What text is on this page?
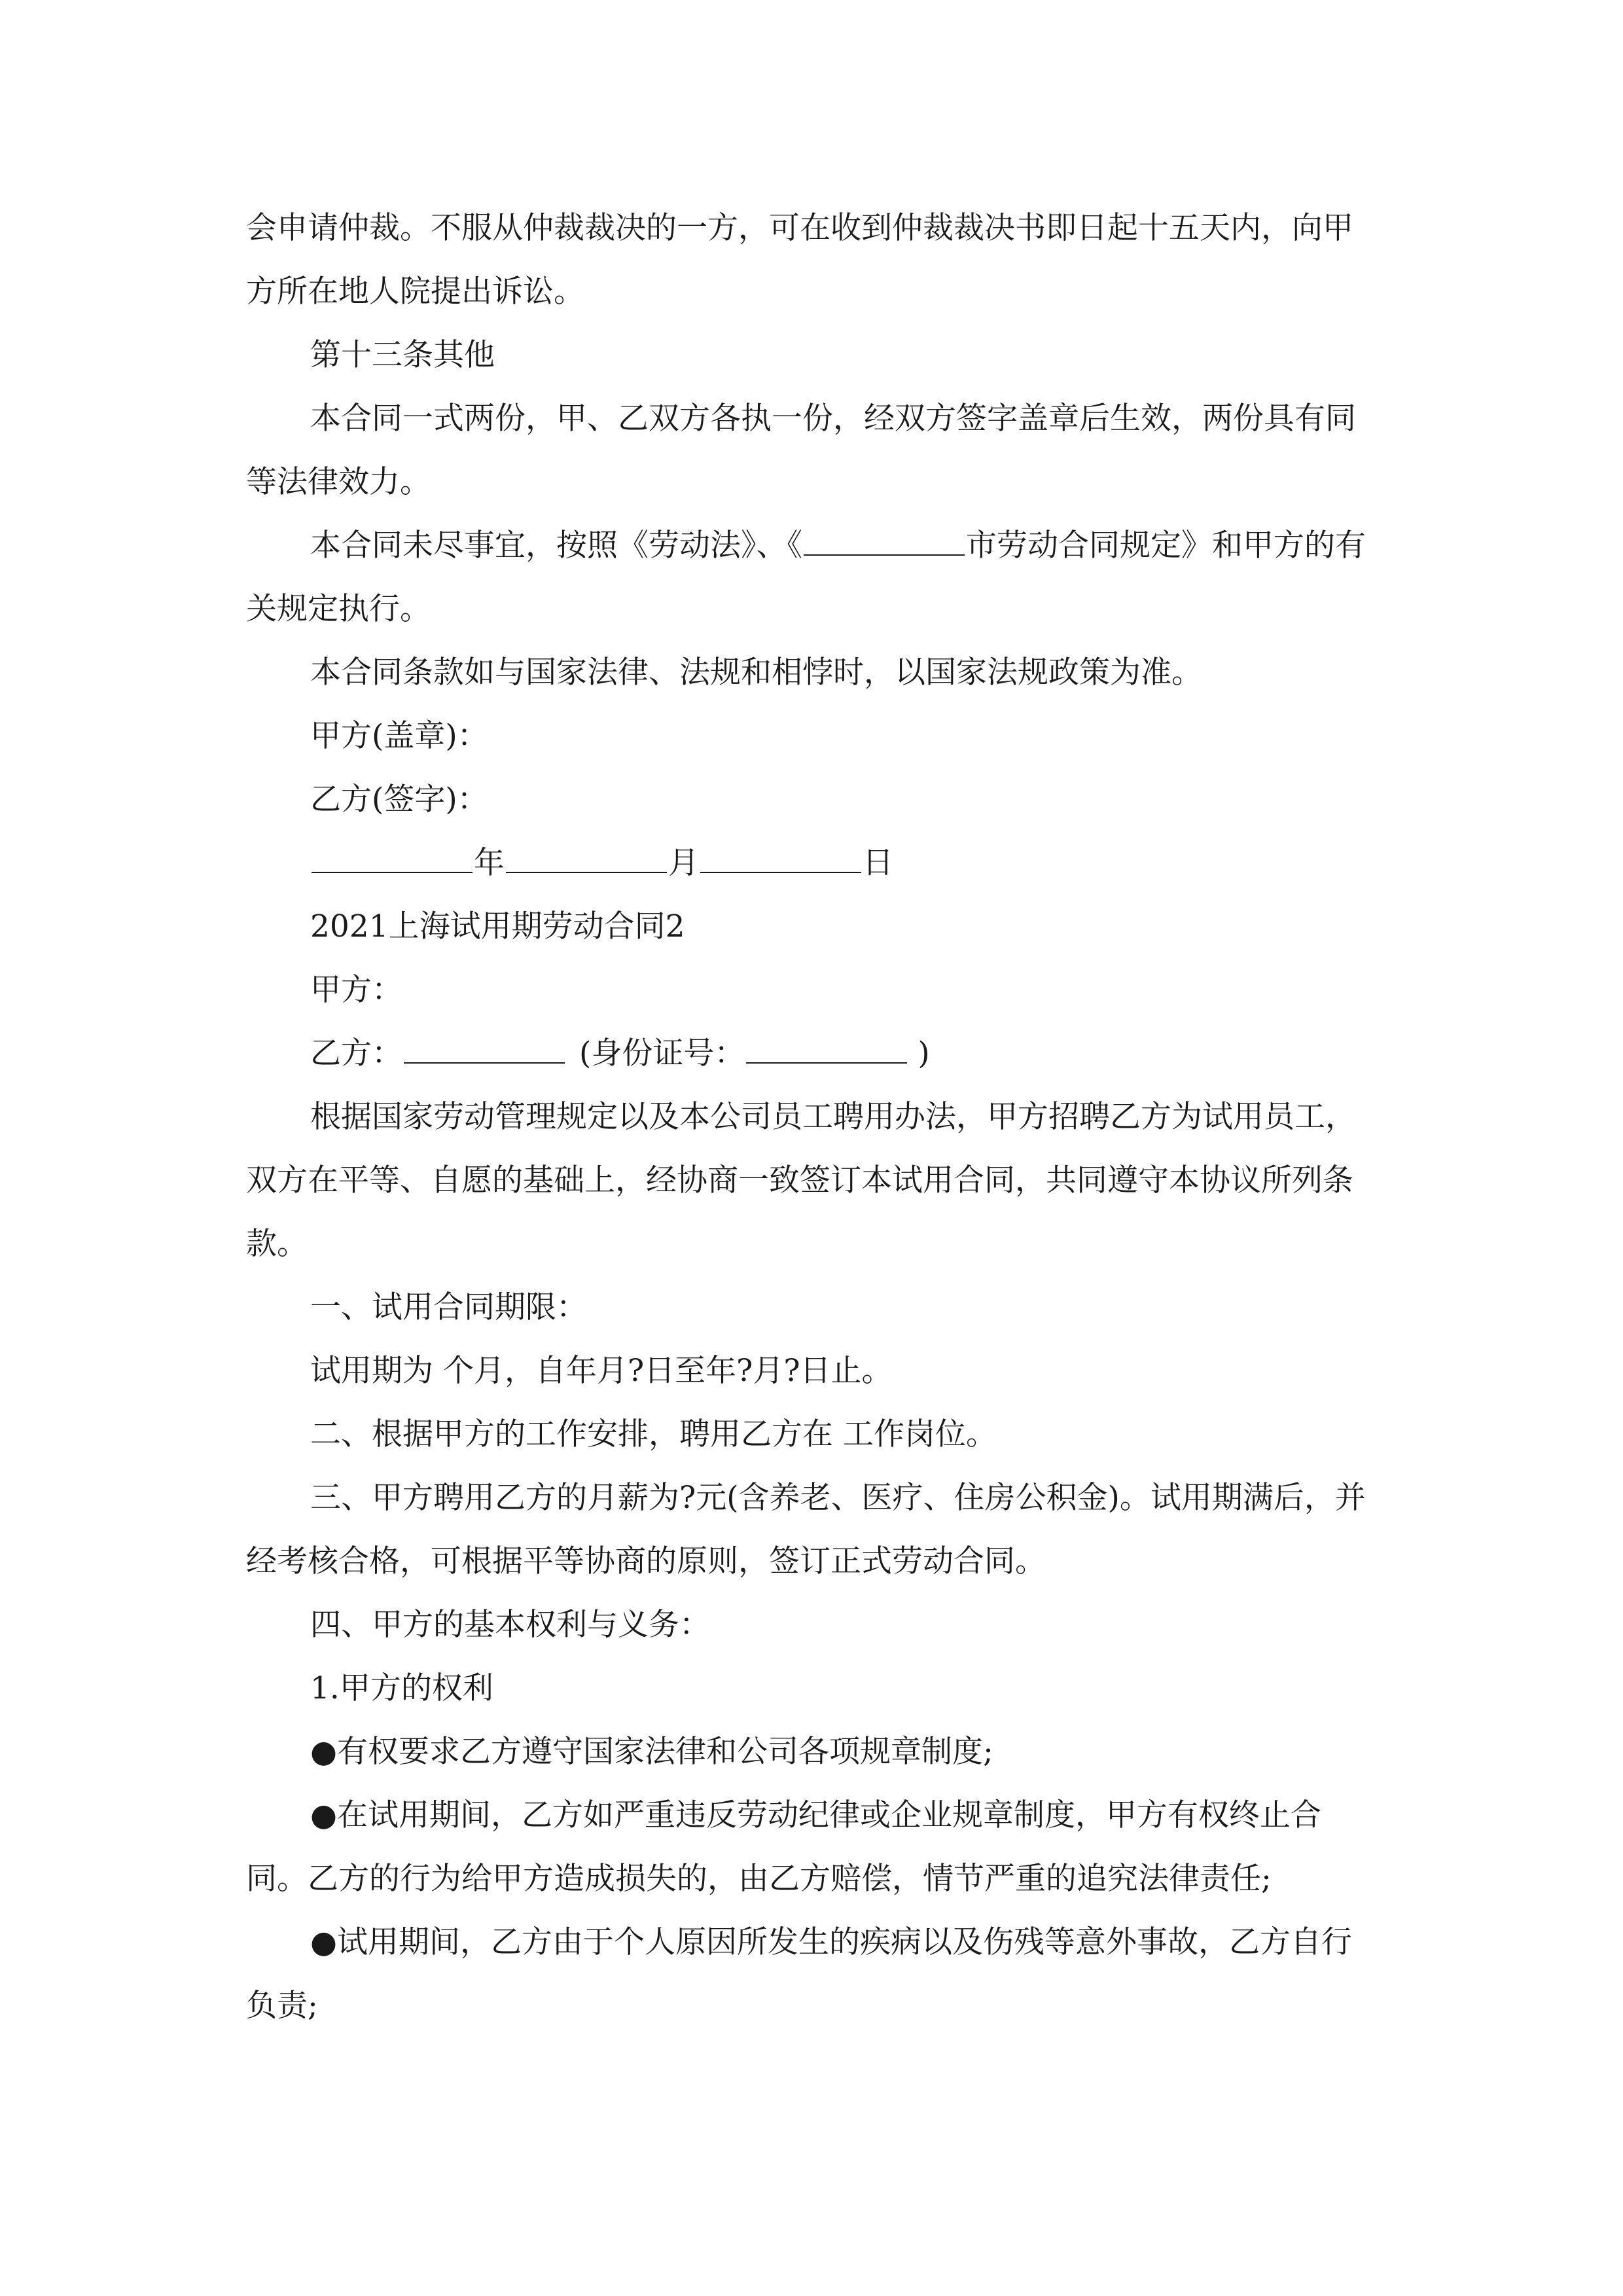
会申请仲裁。不服从仲裁裁决的一方，可在收到仲裁裁决书即日起十五天内，向甲方所在地人院提出诉讼。

第十三条其他

本合同一式两份，甲、乙双方各执一份，经双方签字盖章后生效，两份具有同等法律效力。

本合同未尽事宜，按照《劳动法》、《	市劳动合同规定》和甲方的有关规定执行。

本合同条款如与国家法律、法规和相悖时，以国家法规政策为准。

甲方(盖章)：

乙方(签字)：

年	月	日

2021上海试用期劳动合同2

甲方：

乙方：	(身份证号：	)

根据国家劳动管理规定以及本公司员工聘用办法，甲方招聘乙方为试用员工，双方在平等、自愿的基础上，经协商一致签订本试用合同，共同遵守本协议所列条款。

一、试用合同期限：

试用期为 个月，自年月?日至年?月?日止。

二、根据甲方的工作安排，聘用乙方在 工作岗位。

三、甲方聘用乙方的月薪为?元(含养老、医疗、住房公积金)。试用期满后，并经考核合格，可根据平等协商的原则，签订正式劳动合同。

四、甲方的基本权利与义务：

1.甲方的权利

●有权要求乙方遵守国家法律和公司各项规章制度;

●在试用期间，乙方如严重违反劳动纪律或企业规章制度，甲方有权终止合同。乙方的行为给甲方造成损失的，由乙方赔偿，情节严重的追究法律责任;

●试用期间，乙方由于个人原因所发生的疾病以及伤残等意外事故，乙方自行负责;
